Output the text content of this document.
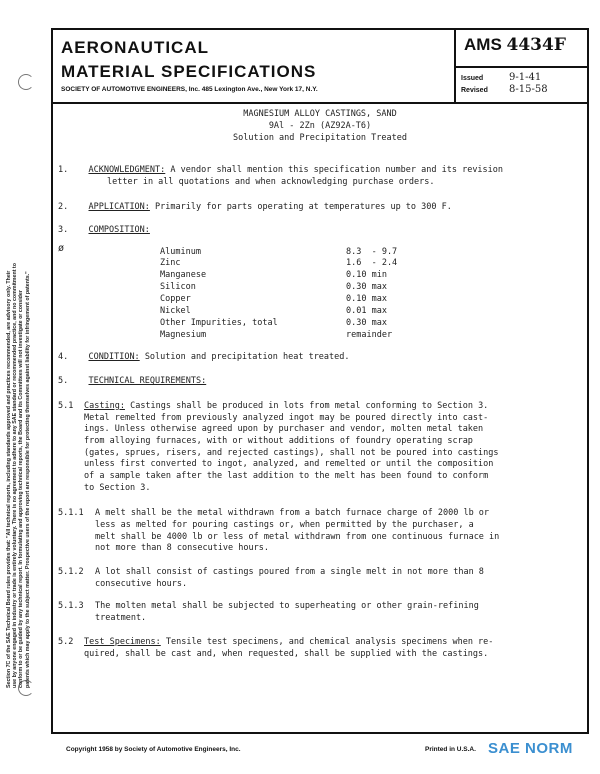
Section 7C of the SAE Technical Board rules provides that: "All technical reports, including standards approved and practices recommended, are advisory only. Their use by anyone engaged in industry or trade is entirely voluntary. There is no agreement to adhere to any SAE standard or recommended practice, and no commitment to conform to or be guided by any technical report. In formulating and approving technical reports, the Board and its Committees will not investigate or consider patents which may apply to the subject matter. Prospective users of the report are responsible for protecting themselves against liability for infringement of patents."
AERONAUTICAL
MATERIAL SPECIFICATIONS
SOCIETY OF AUTOMOTIVE ENGINEERS, Inc. 485 Lexington Ave., New York 17, N.Y.
AMS 4434F
Issued	9-1-41
Revised 8-15-58
MAGNESIUM ALLOY CASTINGS, SAND
9Al - 2Zn (AZ92A-T6)
Solution and Precipitation Treated
1. ACKNOWLEDGMENT: A vendor shall mention this specification number and its revision
letter in all quotations and when acknowledging purchase orders.
2. APPLICATION: Primarily for parts operating at temperatures up to 300 F.
3. COMPOSITION:
ø	Aluminum	8.3  - 9.7
Zinc	1.6  - 2.4
Manganese	0.10 min
Silicon	0.30 max
Copper	0.10 max
Nickel	0.01 max
Other Impurities, total	0.30 max
Magnesium	remainder
4. CONDITION: Solution and precipitation heat treated.
5. TECHNICAL REQUIREMENTS:
5.1 Casting: Castings shall be produced in lots from metal conforming to Section 3.
Metal remelted from previously analyzed ingot may be poured directly into cast-
ings. Unless otherwise agreed upon by purchaser and vendor, molten metal taken
from alloying furnaces, with or without additions of foundry operating scrap
(gates, sprues, risers, and rejected castings), shall not be poured into castings
unless first converted to ingot, analyzed, and remelted or until the composition
of a sample taken after the last addition to the melt has been found to conform
to Section 3.
5.1.1 A melt shall be the metal withdrawn from a batch furnace charge of 2000 lb or
less as melted for pouring castings or, when permitted by the purchaser, a
melt shall be 4000 lb or less of metal withdrawn from one continuous furnace in
not more than 8 consecutive hours.
5.1.2 A lot shall consist of castings poured from a single melt in not more than 8
consecutive hours.
5.1.3 The molten metal shall be subjected to superheating or other grain-refining
treatment.
5.2 Test Specimens: Tensile test specimens, and chemical analysis specimens when re-
quired, shall be cast and, when requested, shall be supplied with the castings.
Copyright 1958 by Society of Automotive Engineers, Inc.	Printed in U.S.A. SAE NORM
